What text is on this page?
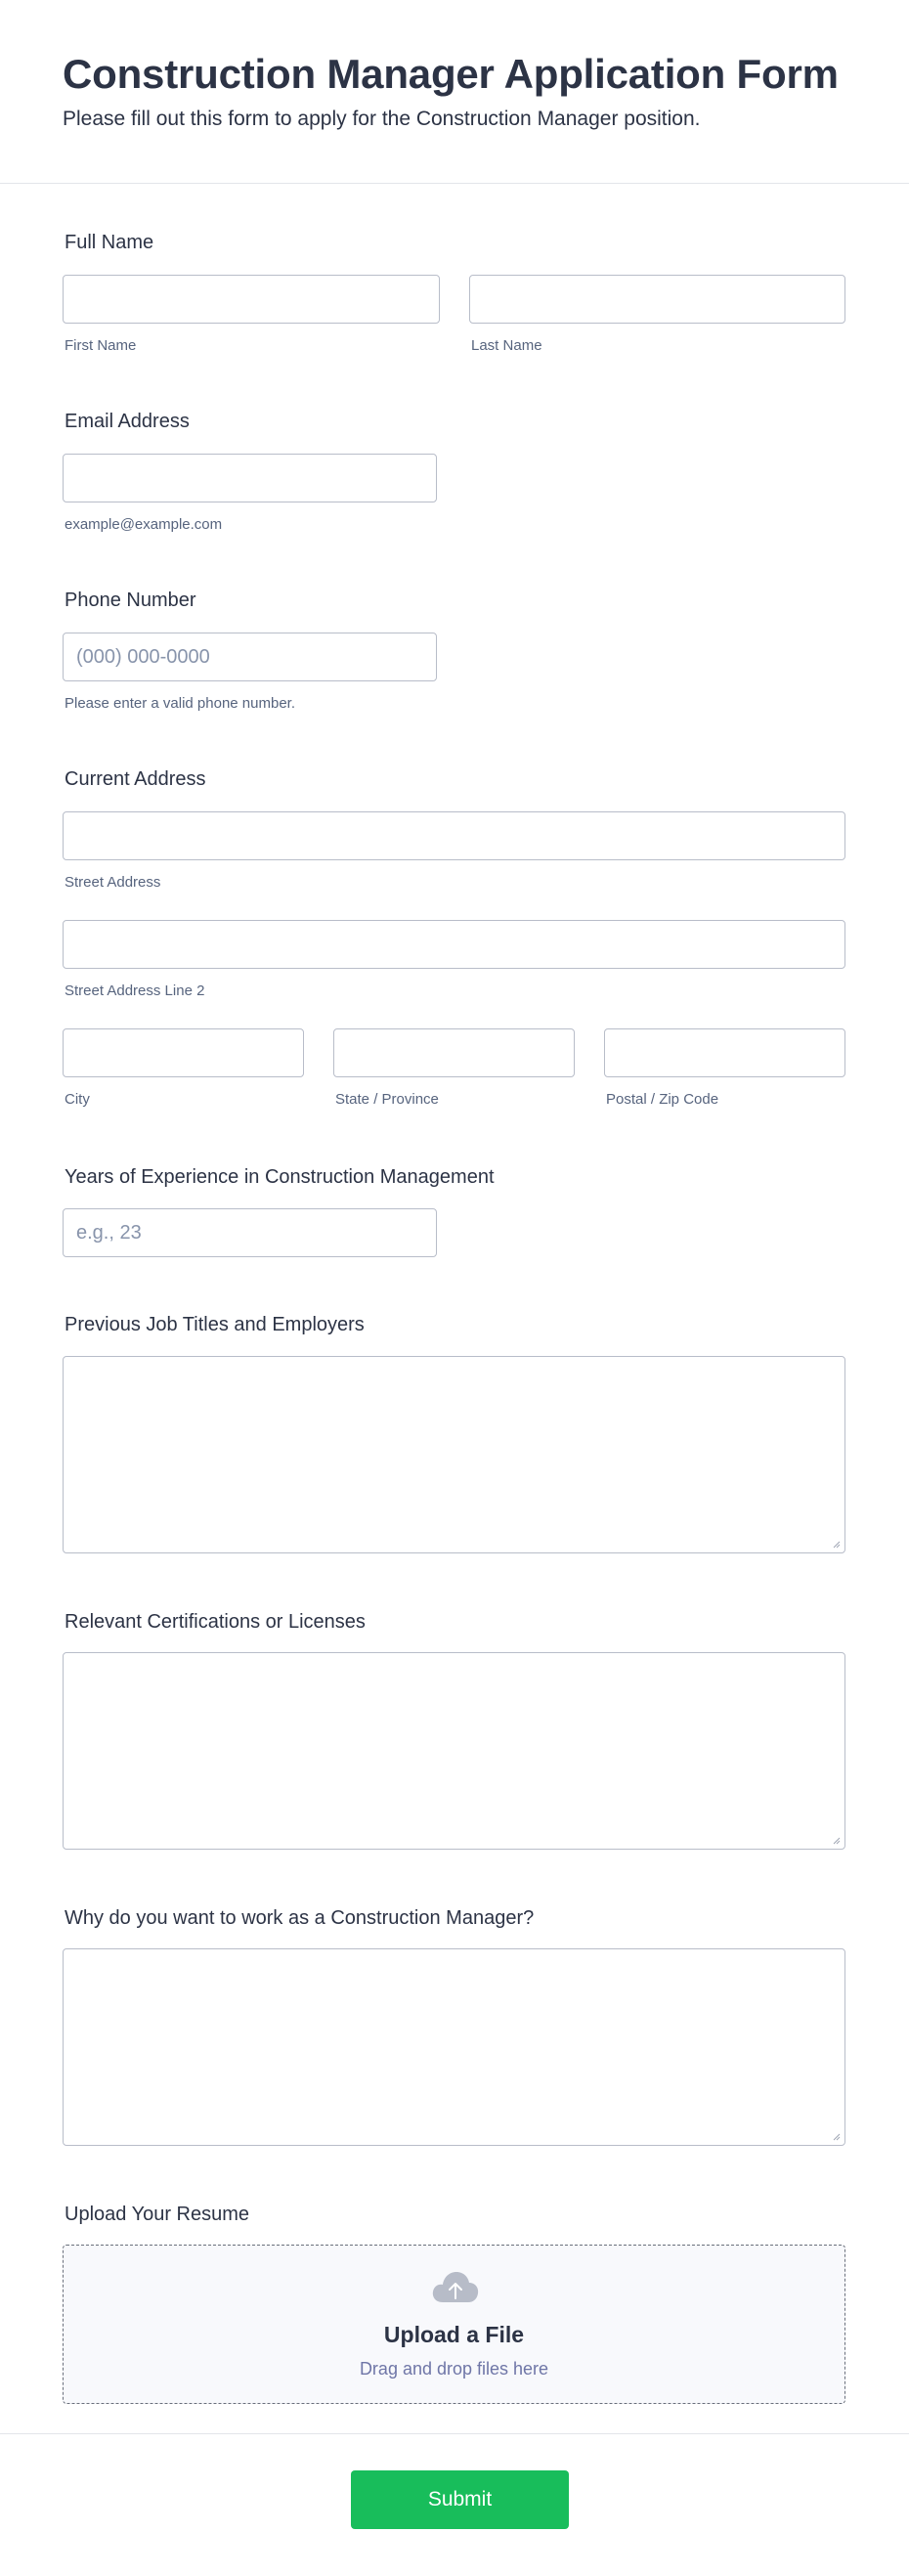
Construction Manager Application Form

Please fill out this form to apply for the Construction Manager position.

Full Name
First Name	Last Name
Email Address
example@example.com
Phone Number
(000) 000-0000
Please enter a valid phone number.
Current Address
Street Address
Street Address Line 2
City	State / Province	Postal / Zip Code
Years of Experience in Construction Management
e.g., 23
Previous Job Titles and Employers
Relevant Certifications or Licenses
Why do you want to work as a Construction Manager?
Upload Your Resume
Upload a File
Drag and drop files here
Submit
